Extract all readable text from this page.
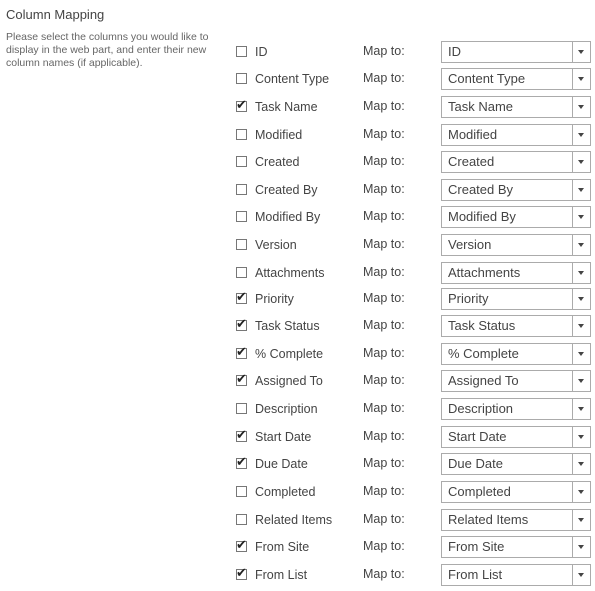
Column Mapping
Please select the columns you would like to display in the web part, and enter their new column names (if applicable).
ID	Map to:	ID
Content Type	Map to:	Content Type
✔ Task Name	Map to:	Task Name
Modified	Map to:	Modified
Created	Map to:	Created
Created By	Map to:	Created By
Modified By	Map to:	Modified By
Version	Map to:	Version
Attachments	Map to:	Attachments
✔ Priority	Map to:	Priority
✔ Task Status	Map to:	Task Status
✔ % Complete	Map to:	% Complete
✔ Assigned To	Map to:	Assigned To
Description	Map to:	Description
✔ Start Date	Map to:	Start Date
✔ Due Date	Map to:	Due Date
Completed	Map to:	Completed
Related Items Map to:	Related Items
✔ From Site	Map to:	From Site
✔ From List	Map to:	From List
